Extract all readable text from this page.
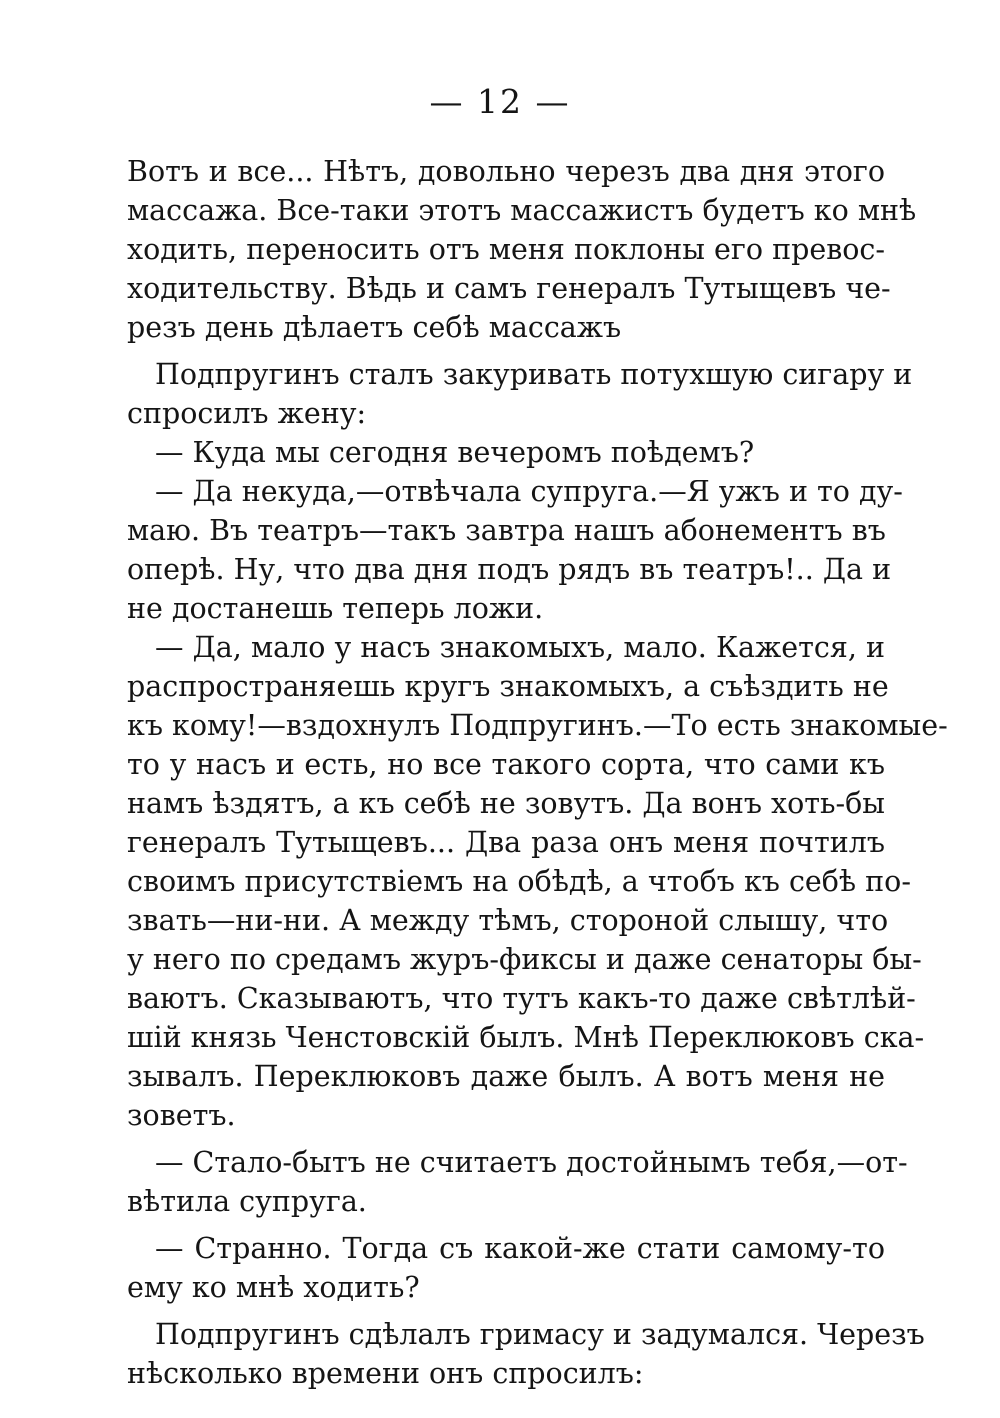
— 12 —

Вотъ и все... Нѣтъ, довольно черезъ два дня этого
массажа. Все-таки этотъ массажистъ будетъ ко мнѣ
ходить, переносить отъ меня поклоны его превос-
ходительству. Вѣдь и самъ генералъ Тутыщевъ че-
резъ день дѣлаетъ себѣ массажъ

Подпругинъ сталъ закуривать потухшую сигару и
спросилъ жену:

— Куда мы сегодня вечеромъ поѣдемъ?

— Да некуда,—отвѣчала супруга.—Я ужъ и то ду-
маю. Въ театръ—такъ завтра нашъ абонементъ въ
оперѣ. Ну, что два дня подъ рядъ въ театръ!.. Да и
не достанешь теперь ложи.

— Да, мало у насъ знакомыхъ, мало. Кажется, и
распространяешь кругъ знакомыхъ, а съѣздить не
къ кому!—вздохнулъ Подпругинъ.—То есть знакомые-
то у насъ и есть, но все такого сорта, что сами къ
намъ ѣздятъ, а къ себѣ не зовутъ. Да вонъ хоть-бы
генералъ Тутыщевъ... Два раза онъ меня почтилъ
своимъ присутствіемъ на обѣдѣ, а чтобъ къ себѣ по-
звать—ни-ни. А между тѣмъ, стороной слышу, что
у него по средамъ журъ-фиксы и даже сенаторы бы-
ваютъ. Сказываютъ, что тутъ какъ-то даже свѣтлѣй-
шій князь Ченстовскій былъ. Мнѣ Переклюковъ ска-
зывалъ. Переклюковъ даже былъ. А вотъ меня не
зоветъ.

— Стало-бытъ не считаетъ достойнымъ тебя,—от-
вѣтила супруга.

— Странно. Тогда съ какой-же стати самому-то
ему ко мнѣ ходить?

Подпругинъ сдѣлалъ гримасу и задумался. Черезъ
нѣсколько времени онъ спросилъ:
